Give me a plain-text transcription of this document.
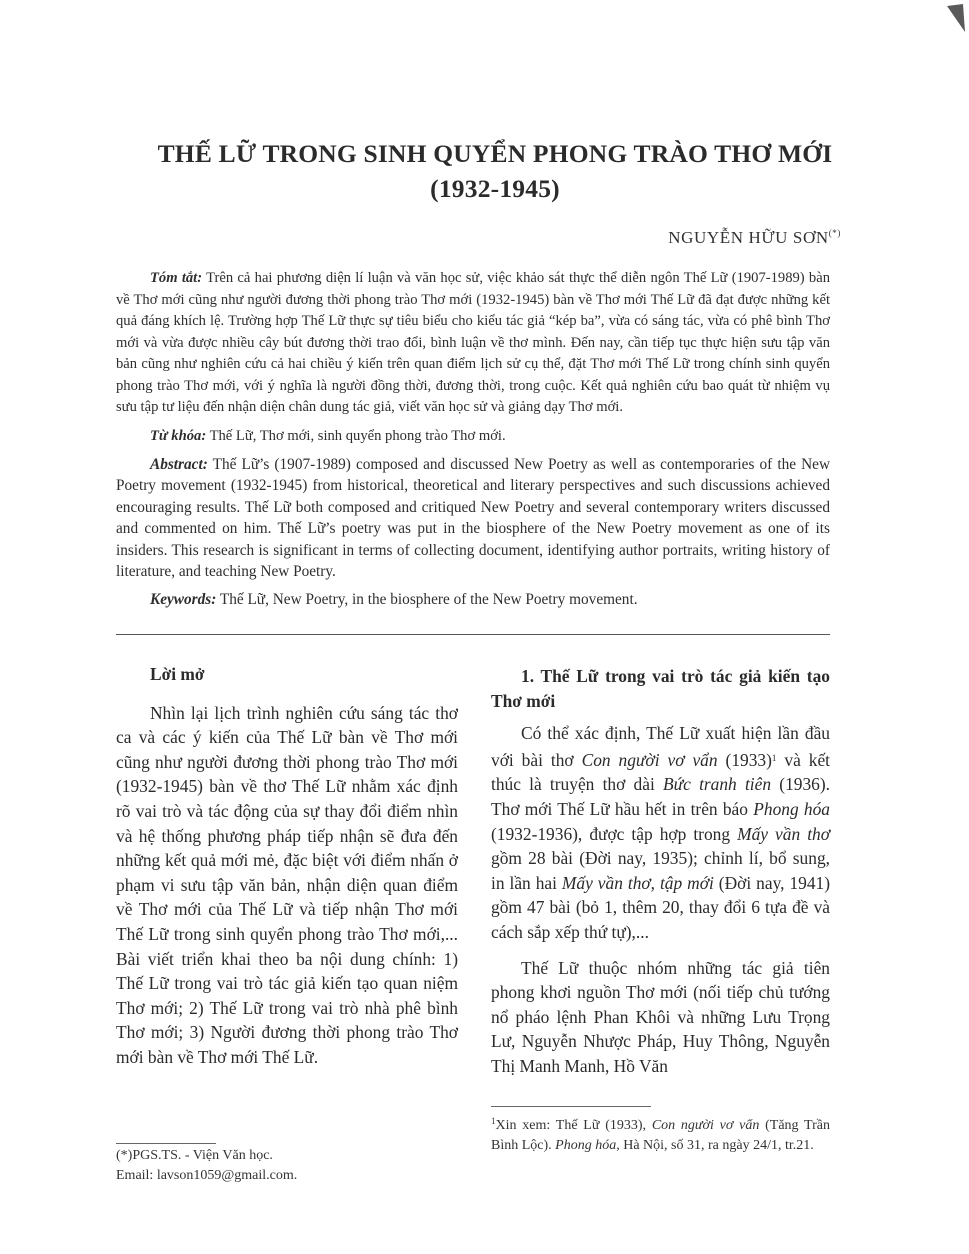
THẾ LỮ TRONG SINH QUYỂN PHONG TRÀO THƠ MỚI
(1932-1945)
NGUYỄN HỮU SƠN(*)

Tóm tắt: Trên cả hai phương diện lí luận và văn học sử, việc khảo sát thực thể diễn ngôn Thế Lữ (1907-1989) bàn về Thơ mới cũng như người đương thời phong trào Thơ mới (1932-1945) bàn về Thơ mới Thế Lữ đã đạt được những kết quả đáng khích lệ. Trường hợp Thế Lữ thực sự tiêu biểu cho kiểu tác giả “kép ba”, vừa có sáng tác, vừa có phê bình Thơ mới và vừa được nhiều cây bút đương thời trao đổi, bình luận về thơ mình. Đến nay, cần tiếp tục thực hiện sưu tập văn bản cũng như nghiên cứu cả hai chiều ý kiến trên quan điểm lịch sử cụ thể, đặt Thơ mới Thế Lữ trong chính sinh quyển phong trào Thơ mới, với ý nghĩa là người đồng thời, đương thời, trong cuộc. Kết quả nghiên cứu bao quát từ nhiệm vụ sưu tập tư liệu đến nhận diện chân dung tác giả, viết văn học sử và giảng dạy Thơ mới.

Từ khóa: Thế Lữ, Thơ mới, sinh quyển phong trào Thơ mới.

Abstract: Thế Lữ’s (1907-1989) composed and discussed New Poetry as well as contemporaries of the New Poetry movement (1932-1945) from historical, theoretical and literary perspectives and such discussions achieved encouraging results. Thế Lữ both composed and critiqued New Poetry and several contemporary writers discussed and commented on him. Thế Lữ’s poetry was put in the biosphere of the New Poetry movement as one of its insiders. This research is significant in terms of collecting document, identifying author portraits, writing history of literature, and teaching New Poetry.

Keywords: Thế Lữ, New Poetry, in the biosphere of the New Poetry movement.

Lời mở

Nhìn lại lịch trình nghiên cứu sáng tác thơ ca và các ý kiến của Thế Lữ bàn về Thơ mới cũng như người đương thời phong trào Thơ mới (1932-1945) bàn về thơ Thế Lữ nhằm xác định rõ vai trò và tác động của sự thay đổi điểm nhìn và hệ thống phương pháp tiếp nhận sẽ đưa đến những kết quả mới mẻ, đặc biệt với điểm nhấn ở phạm vi sưu tập văn bản, nhận diện quan điểm về Thơ mới của Thế Lữ và tiếp nhận Thơ mới Thế Lữ trong sinh quyển phong trào Thơ mới,... Bài viết triển khai theo ba nội dung chính: 1) Thế Lữ trong vai trò tác giả kiến tạo quan niệm Thơ mới; 2) Thế Lữ trong vai trò nhà phê bình Thơ mới; 3) Người đương thời phong trào Thơ mới bàn về Thơ mới Thế Lữ.

1. Thế Lữ trong vai trò tác giả kiến tạo Thơ mới

Có thể xác định, Thế Lữ xuất hiện lần đầu với bài thơ Con người vơ vẩn (1933)$^1$ và kết thúc là truyện thơ dài Bức tranh tiên (1936). Thơ mới Thế Lữ hầu hết in trên báo Phong hóa (1932-1936), được tập hợp trong Mấy vần thơ gồm 28 bài (Đời nay, 1935); chỉnh lí, bổ sung, in lần hai Mấy vần thơ, tập mới (Đời nay, 1941) gồm 47 bài (bỏ 1, thêm 20, thay đổi 6 tựa đề và cách sắp xếp thứ tự),...

Thế Lữ thuộc nhóm những tác giả tiên phong khơi nguồn Thơ mới (nối tiếp chủ tướng nổ pháo lệnh Phan Khôi và những Lưu Trọng Lư, Nguyễn Nhược Pháp, Huy Thông, Nguyễn Thị Manh Manh, Hồ Văn

(*)PGS.TS. - Viện Văn học.
Email: lavson1059@gmail.com.

$^1$Xin xem: Thế Lữ (1933), Con người vơ vẩn (Tăng Trần Bình Lộc). Phong hóa, Hà Nội, số 31, ra ngày 24/1, tr.21.
